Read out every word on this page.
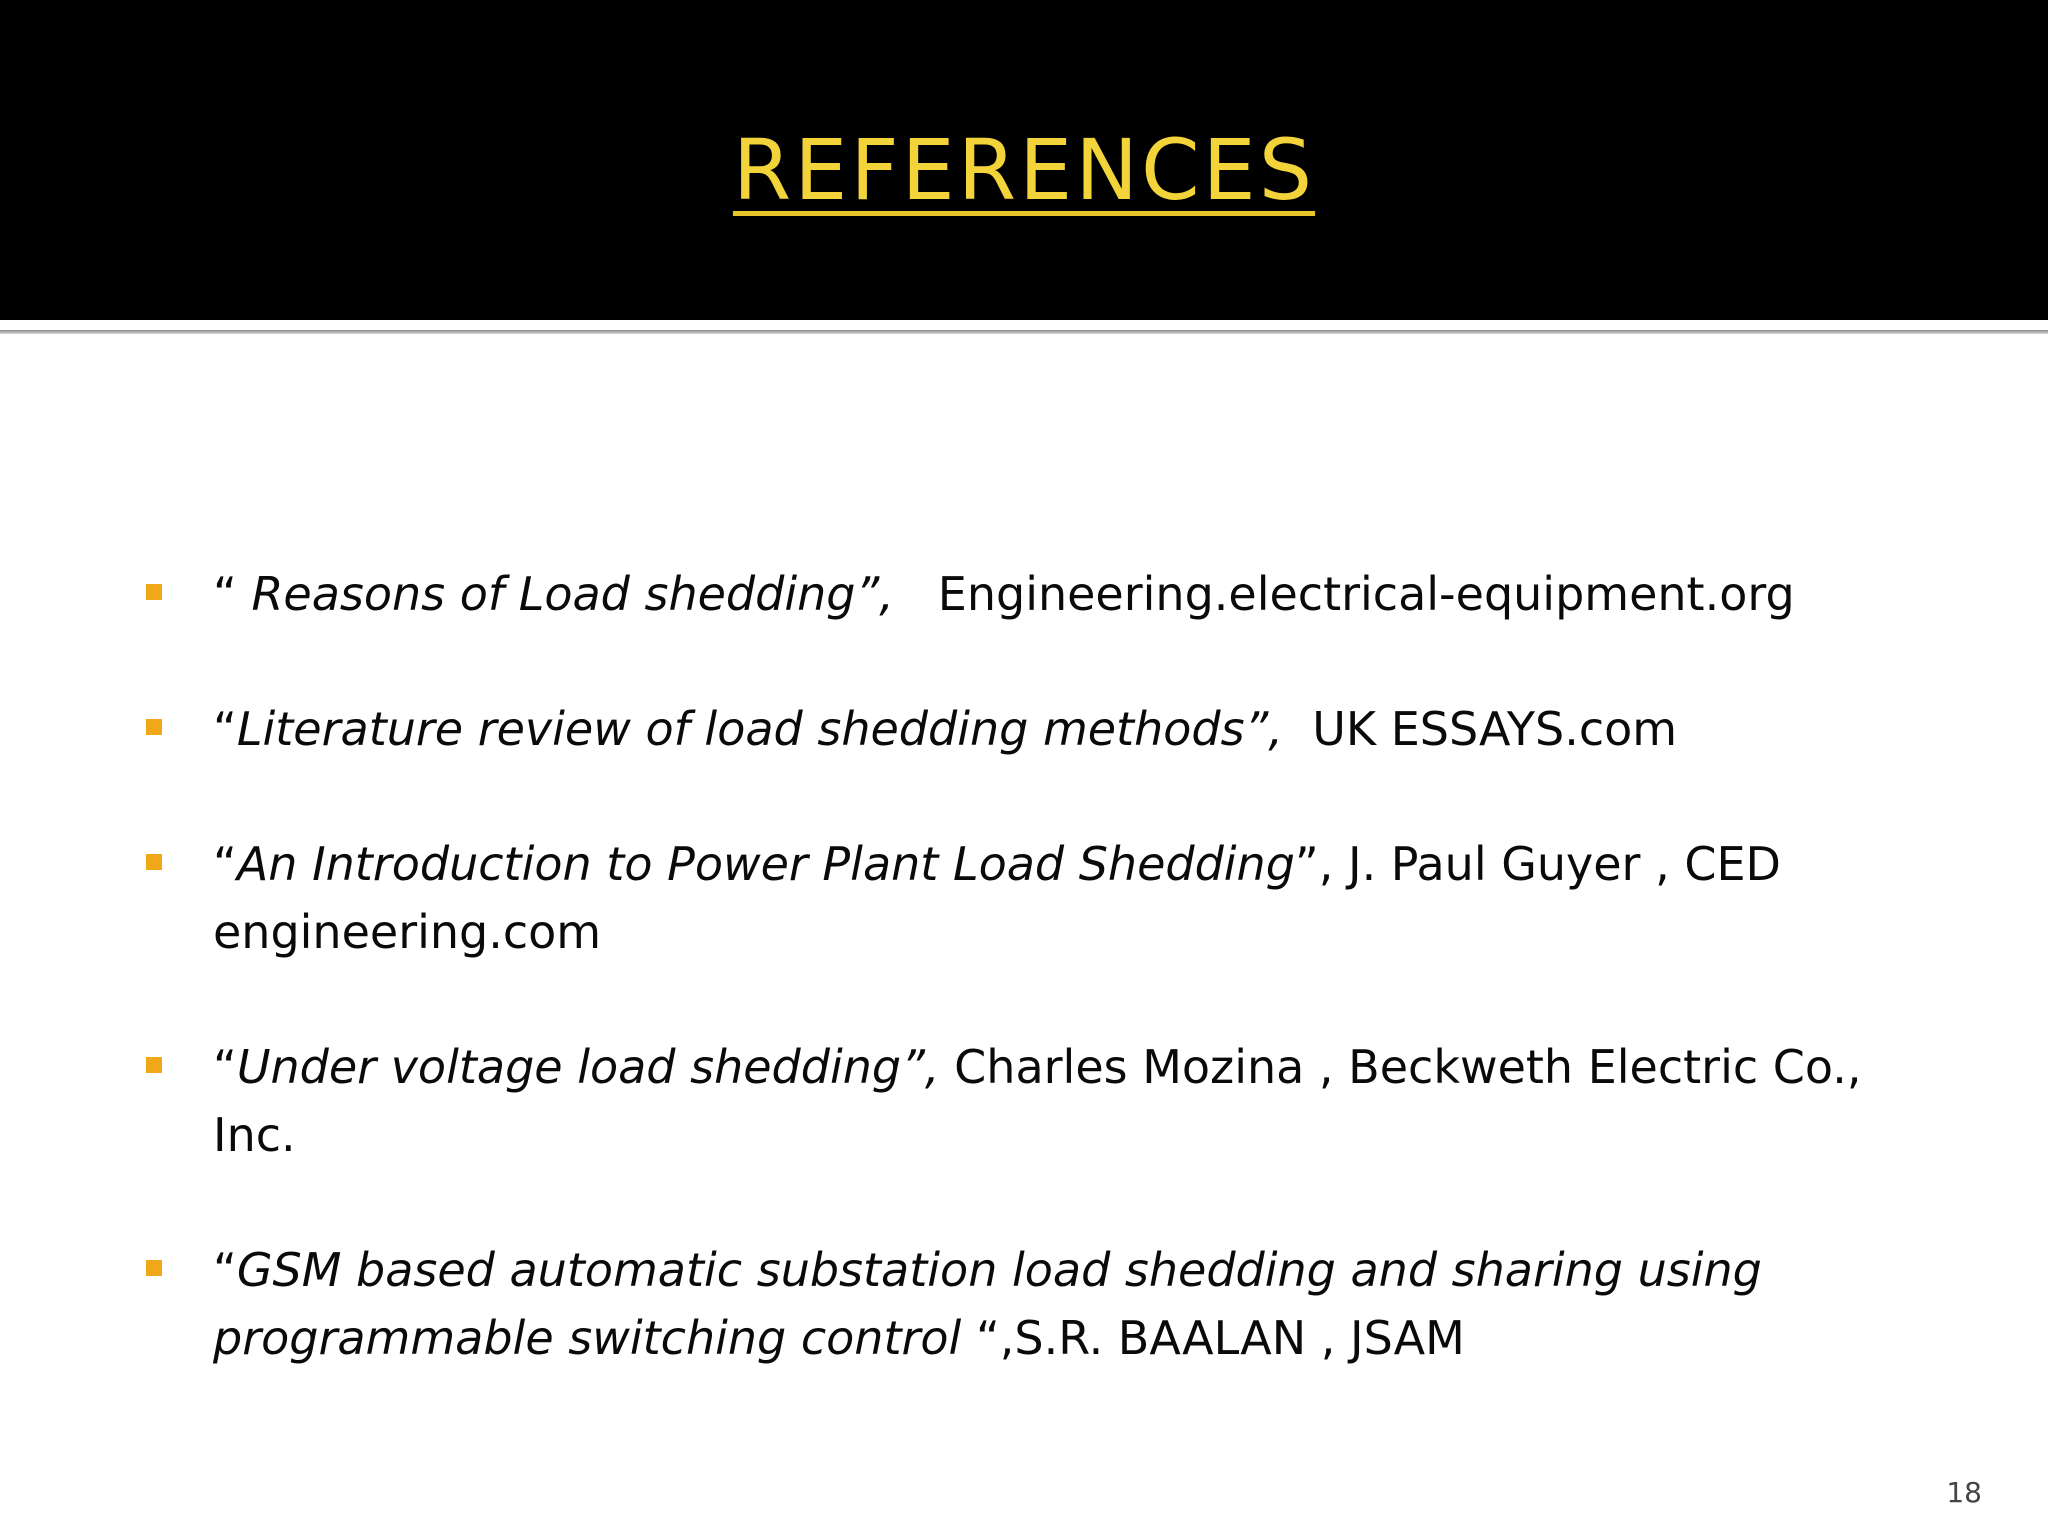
REFERENCES
“ Reasons of Load shedding”,   Engineering.electrical-equipment.org
“Literature review of load shedding methods”,  UK ESSAYS.com
“An Introduction to Power Plant Load Shedding”, J. Paul Guyer , CED engineering.com
“Under voltage load shedding”, Charles Mozina , Beckweth Electric Co., Inc.
“GSM based automatic substation load shedding and sharing using programmable switching control “,S.R. BAALAN , JSAM
18
